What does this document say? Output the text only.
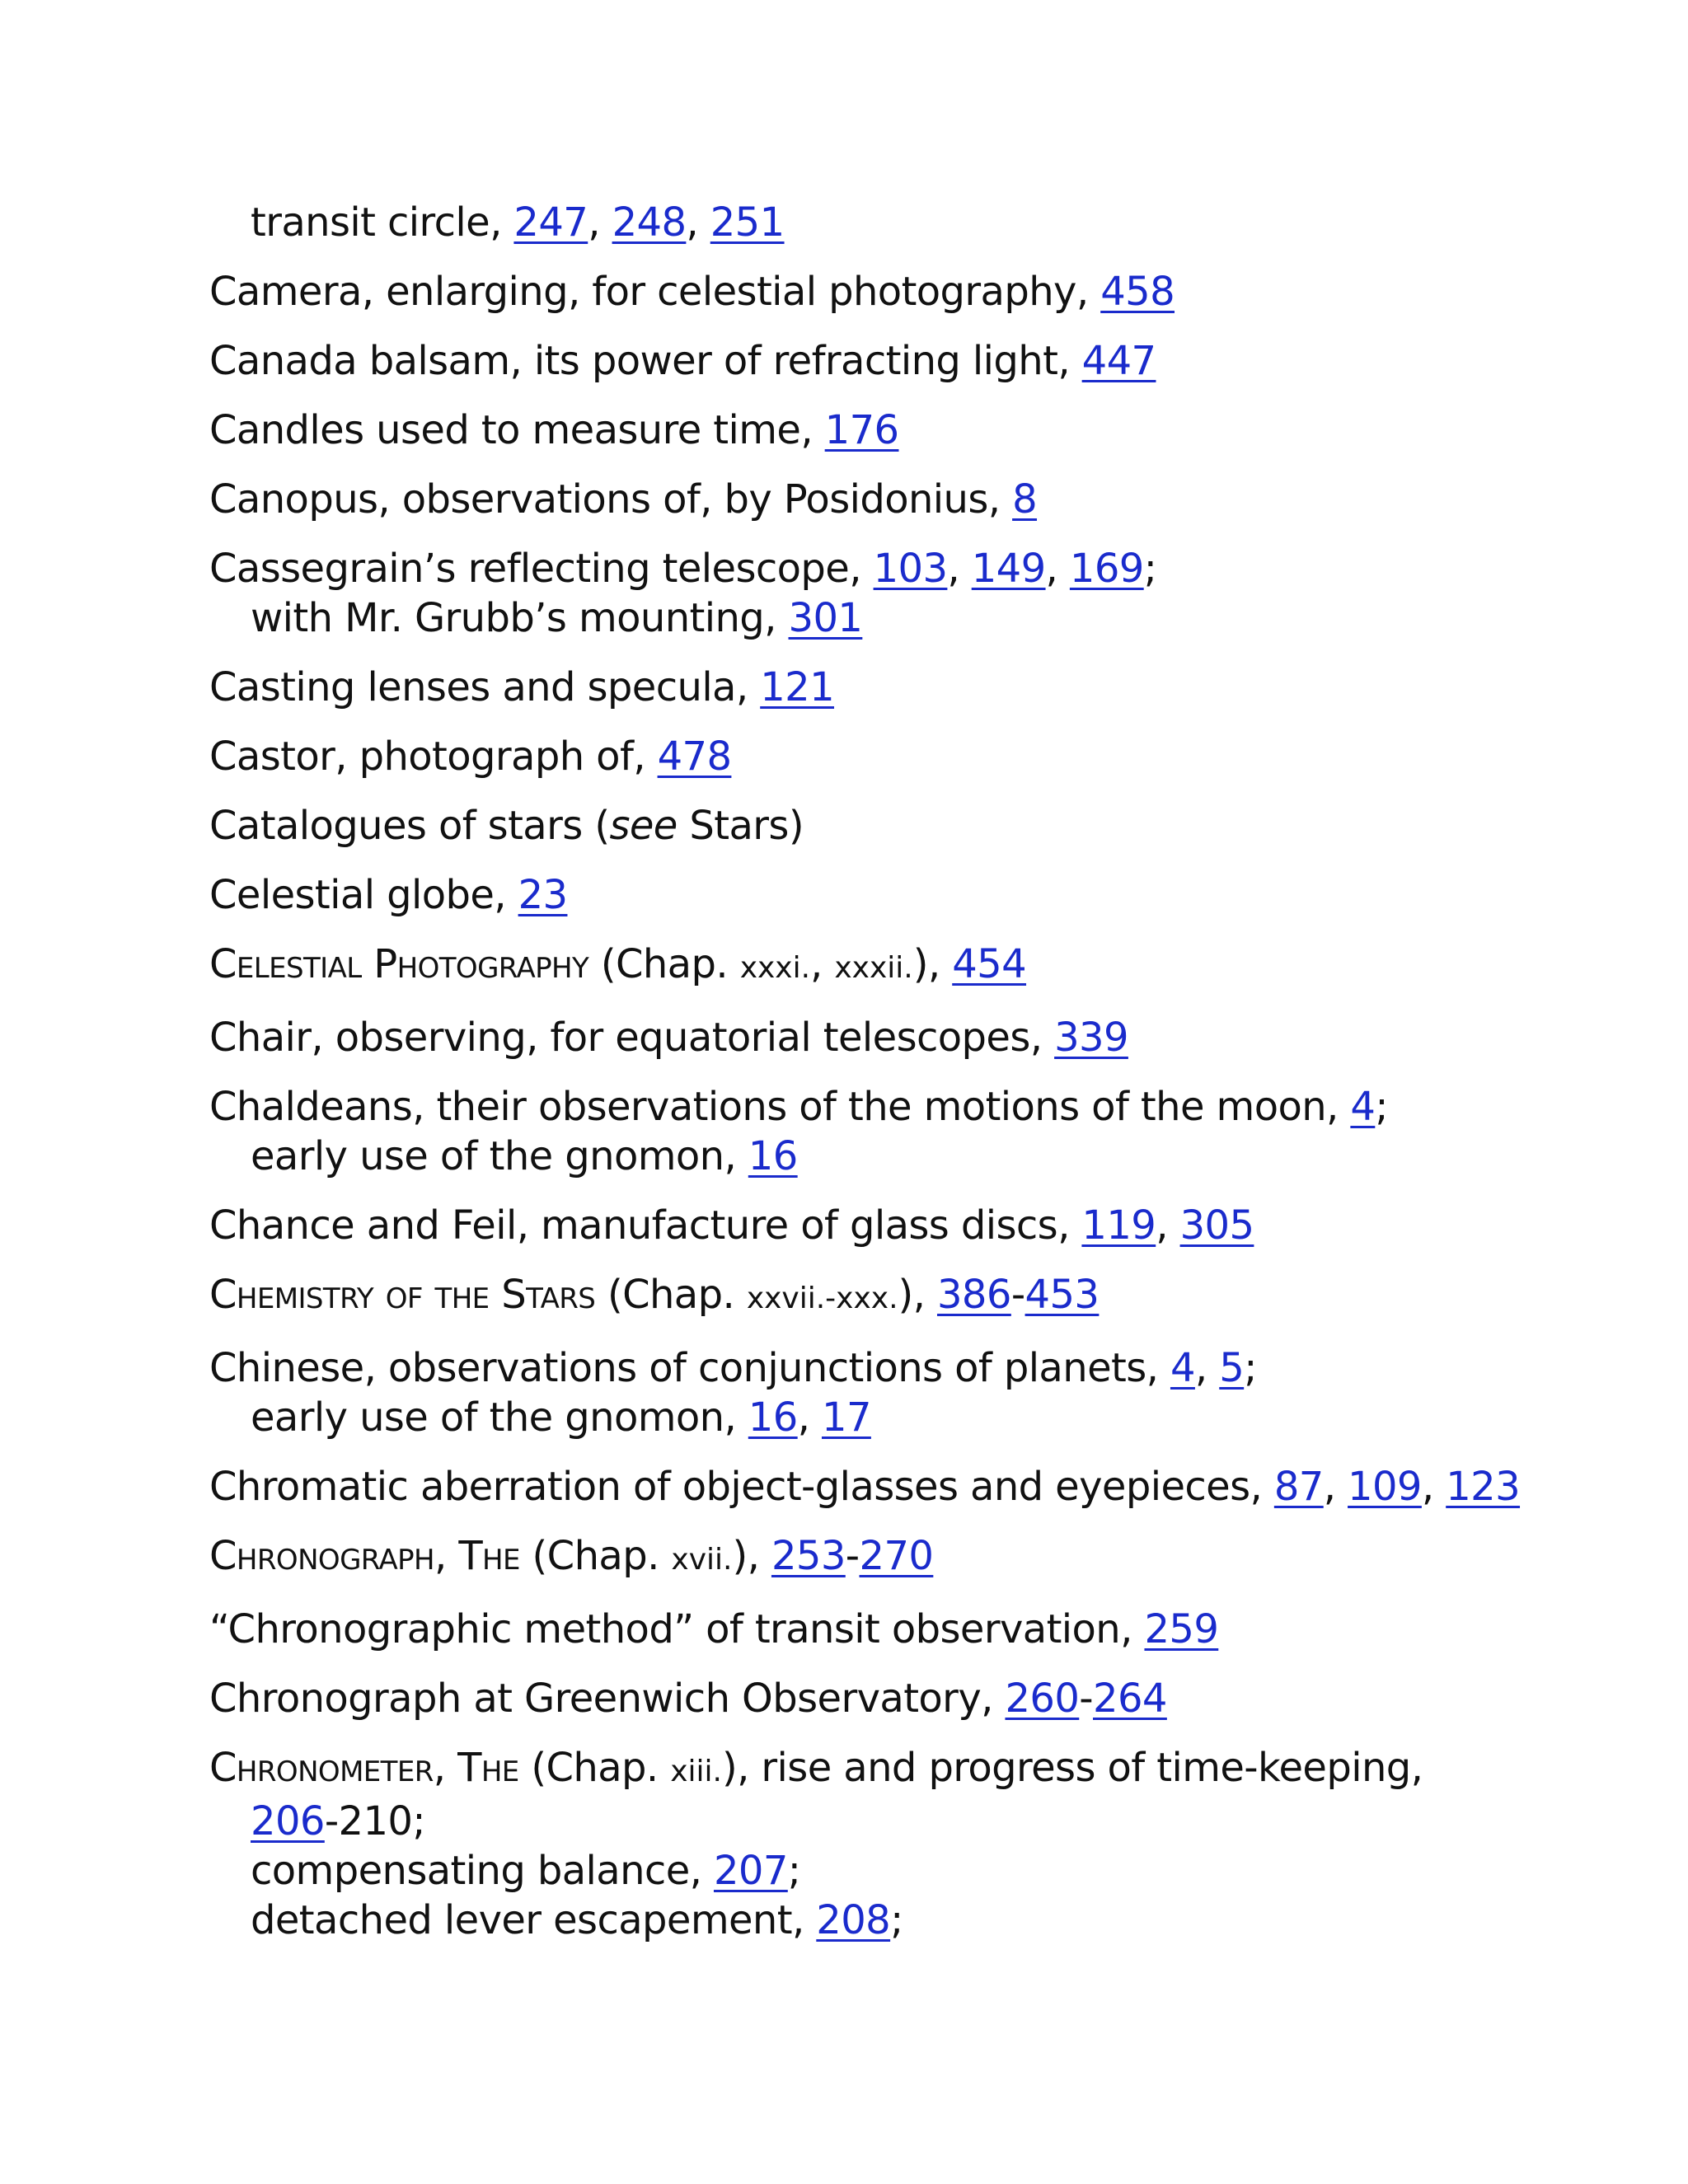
transit circle, 247, 248, 251
Camera, enlarging, for celestial photography, 458
Canada balsam, its power of refracting light, 447
Candles used to measure time, 176
Canopus, observations of, by Posidonius, 8
Cassegrain’s reflecting telescope, 103, 149, 169;
with Mr. Grubb’s mounting, 301
Casting lenses and specula, 121
Castor, photograph of, 478
Catalogues of stars (see Stars)
Celestial globe, 23
Celestial Photography (Chap. xxxi., xxxii.), 454
Chair, observing, for equatorial telescopes, 339
Chaldeans, their observations of the motions of the moon, 4;
early use of the gnomon, 16
Chance and Feil, manufacture of glass discs, 119, 305
Chemistry of the Stars (Chap. xxvii.-xxx.), 386-453
Chinese, observations of conjunctions of planets, 4, 5;
early use of the gnomon, 16, 17
Chromatic aberration of object-glasses and eyepieces, 87, 109, 123
Chronograph, The (Chap. xvii.), 253-270
“Chronographic method” of transit observation, 259
Chronograph at Greenwich Observatory, 260-264
Chronometer, The (Chap. xiii.), rise and progress of time-keeping,
206-210;
compensating balance, 207;
detached lever escapement, 208;
